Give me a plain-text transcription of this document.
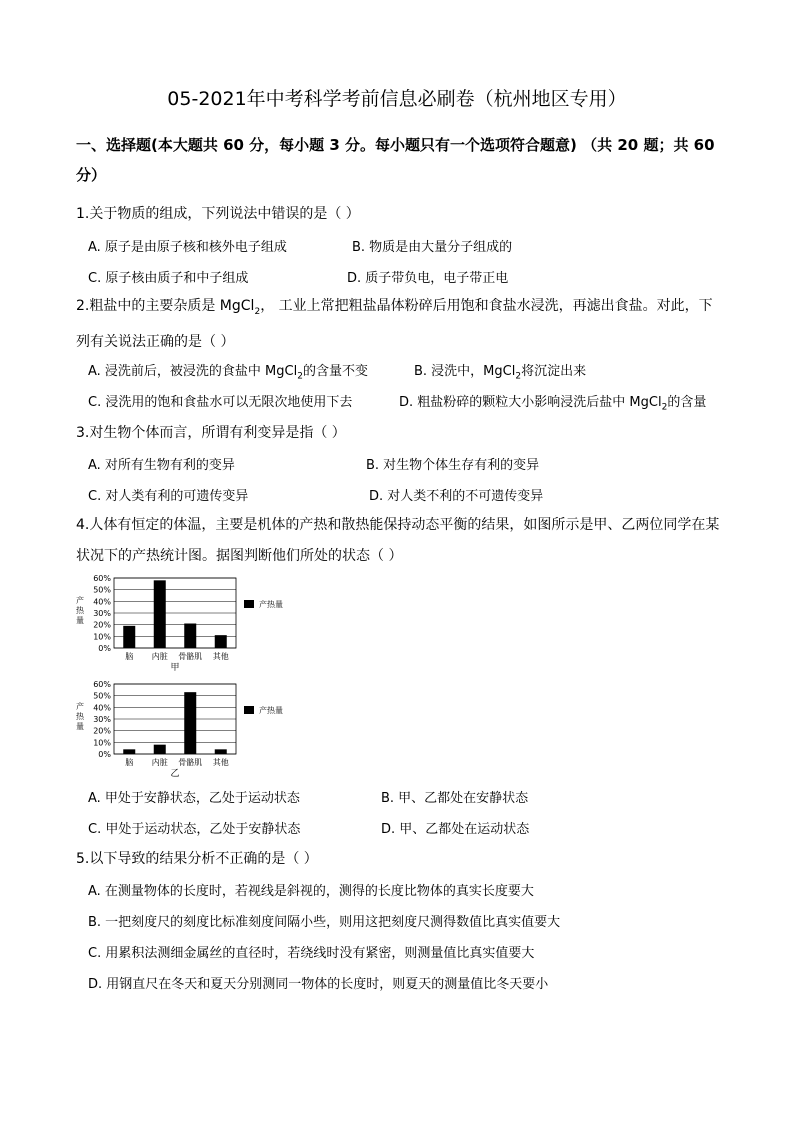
05-2021年中考科学考前信息必刷卷（杭州地区专用）
一、选择题(本大题共 60 分，每小题 3 分。每小题只有一个选项符合题意) （共 20 题；共 60 分）
1.关于物质的组成，下列说法中错误的是（ ）
A. 原子是由原子核和核外电子组成	B. 物质是由大量分子组成的
C. 原子核由质子和中子组成	D. 质子带负电，电子带正电
2.粗盐中的主要杂质是 MgCl$_2$， 工业上常把粗盐晶体粉碎后用饱和食盐水浸洗，再滤出食盐。对此，下列有关说法正确的是（ ）
A. 浸洗前后，被浸洗的食盐中 MgCl$_2$的含量不变	B. 浸洗中，MgCl$_2$将沉淀出来
C. 浸洗用的饱和食盐水可以无限次地使用下去	D. 粗盐粉碎的颗粒大小影响浸洗后盐中 MgCl$_2$的含量
3.对生物个体而言，所谓有利变异是指（ ）
A. 对所有生物有利的变异	B. 对生物个体生存有利的变异
C. 对人类有利的可遗传变异	D. 对人类不利的不可遗传变异
4.人体有恒定的体温，主要是机体的产热和散热能保持动态平衡的结果，如图所示是甲、乙两位同学在某
状况下的产热统计图。据图判断他们所处的状态（ ）
0%
10%
20%
30%
40%
50%
60%
产
热
量
脑 内脏 骨骼肌 其他
甲
产热量
0%
10%
20%
30%
40%
50%
60%
产
热
量
脑 内脏 骨骼肌 其他
乙
产热量
A. 甲处于安静状态，乙处于运动状态	B. 甲、乙都处在安静状态
C. 甲处于运动状态，乙处于安静状态	D. 甲、乙都处在运动状态
5.以下导致的结果分析不正确的是（ ）
A. 在测量物体的长度时，若视线是斜视的，测得的长度比物体的真实长度要大
B. 一把刻度尺的刻度比标准刻度间隔小些，则用这把刻度尺测得数值比真实值要大
C. 用累积法测细金属丝的直径时，若绕线时没有紧密，则测量值比真实值要大
D. 用钢直尺在冬天和夏天分别测同一物体的长度时，则夏天的测量值比冬天要小
